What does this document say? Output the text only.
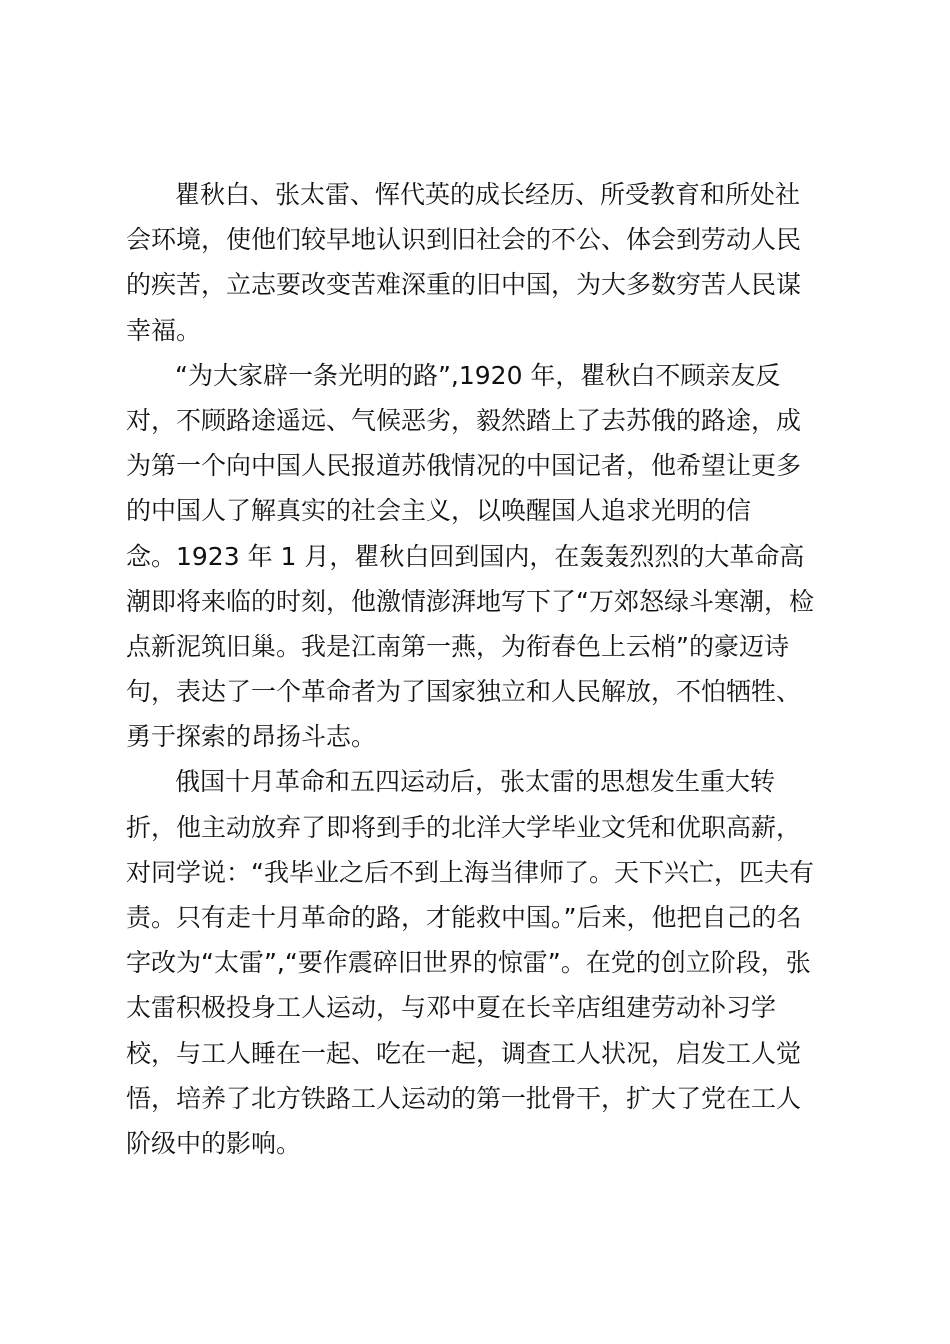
瞿秋白、张太雷、恽代英的成长经历、所受教育和所处社
会环境，使他们较早地认识到旧社会的不公、体会到劳动人民
的疾苦，立志要改变苦难深重的旧中国，为大多数穷苦人民谋
幸福。
“为大家辟一条光明的路”,1920 年，瞿秋白不顾亲友反
对，不顾路途遥远、气候恶劣，毅然踏上了去苏俄的路途，成
为第一个向中国人民报道苏俄情况的中国记者，他希望让更多
的中国人了解真实的社会主义，以唤醒国人追求光明的信
念。1923 年 1 月，瞿秋白回到国内，在轰轰烈烈的大革命高
潮即将来临的时刻，他激情澎湃地写下了“万郊怒绿斗寒潮，检
点新泥筑旧巢。我是江南第一燕，为衔春色上云梢”的豪迈诗
句，表达了一个革命者为了国家独立和人民解放，不怕牺牲、
勇于探索的昂扬斗志。
俄国十月革命和五四运动后，张太雷的思想发生重大转
折，他主动放弃了即将到手的北洋大学毕业文凭和优职高薪，
对同学说：“我毕业之后不到上海当律师了。天下兴亡，匹夫有
责。只有走十月革命的路，才能救中国。”后来，他把自己的名
字改为“太雷”,“要作震碎旧世界的惊雷”。在党的创立阶段，张
太雷积极投身工人运动，与邓中夏在长辛店组建劳动补习学
校，与工人睡在一起、吃在一起，调查工人状况，启发工人觉
悟，培养了北方铁路工人运动的第一批骨干，扩大了党在工人
阶级中的影响。
